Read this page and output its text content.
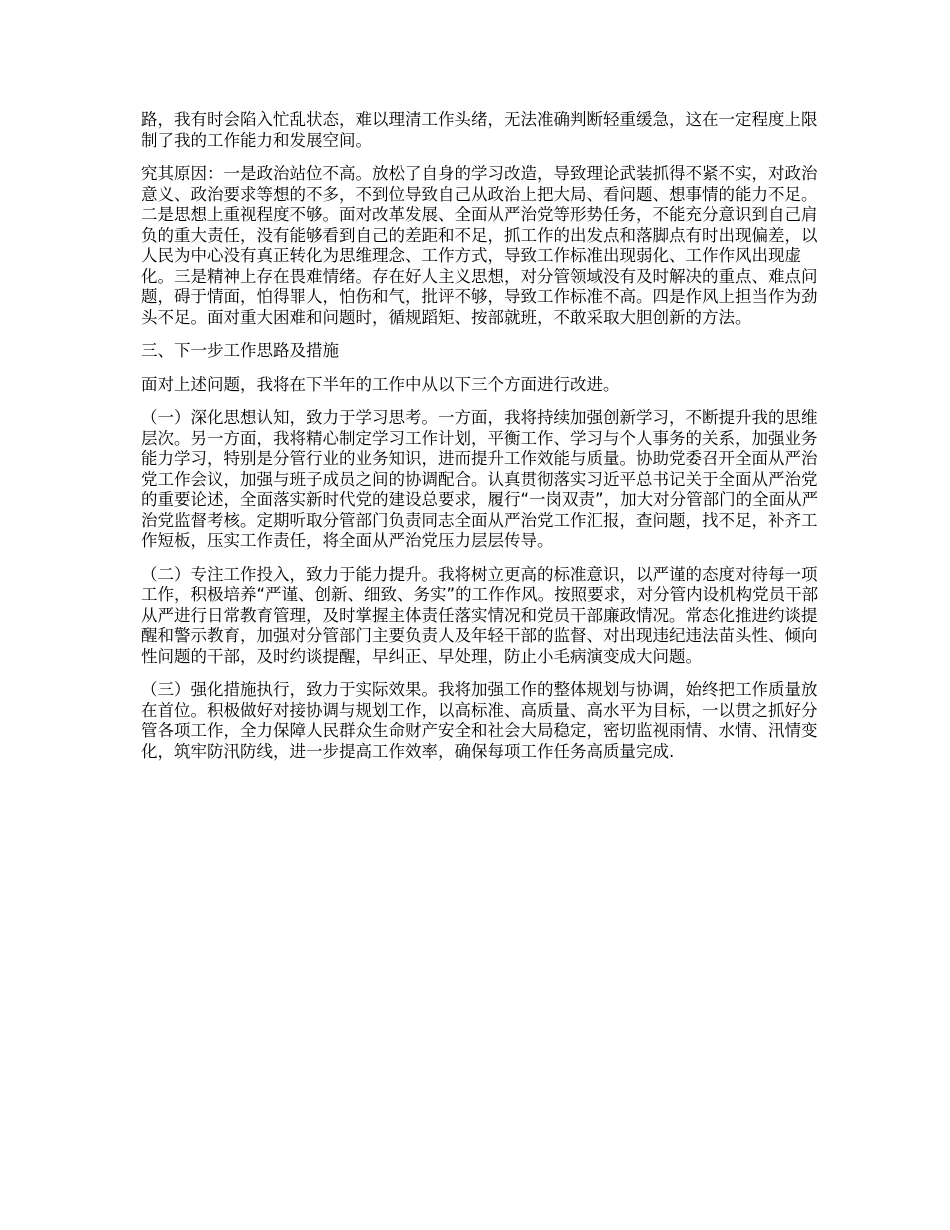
路，我有时会陷入忙乱状态，难以理清工作头绪，无法准确判断轻重缓急，这在一定程度上限制了我的工作能力和发展空间。

究其原因：一是政治站位不高。放松了自身的学习改造，导致理论武装抓得不紧不实，对政治意义、政治要求等想的不多，不到位导致自己从政治上把大局、看问题、想事情的能力不足。二是思想上重视程度不够。面对改革发展、全面从严治党等形势任务，不能充分意识到自己肩负的重大责任，没有能够看到自己的差距和不足，抓工作的出发点和落脚点有时出现偏差，以人民为中心没有真正转化为思维理念、工作方式，导致工作标准出现弱化、工作作风出现虚化。三是精神上存在畏难情绪。存在好人主义思想，对分管领域没有及时解决的重点、难点问题，碍于情面，怕得罪人，怕伤和气，批评不够，导致工作标准不高。四是作风上担当作为劲头不足。面对重大困难和问题时，循规蹈矩、按部就班，不敢采取大胆创新的方法。

三、下一步工作思路及措施

面对上述问题，我将在下半年的工作中从以下三个方面进行改进。

（一）深化思想认知，致力于学习思考。一方面，我将持续加强创新学习，不断提升我的思维层次。另一方面，我将精心制定学习工作计划，平衡工作、学习与个人事务的关系，加强业务能力学习，特别是分管行业的业务知识，进而提升工作效能与质量。协助党委召开全面从严治党工作会议，加强与班子成员之间的协调配合。认真贯彻落实习近平总书记关于全面从严治党的重要论述，全面落实新时代党的建设总要求，履行“一岗双责”，加大对分管部门的全面从严治党监督考核。定期听取分管部门负责同志全面从严治党工作汇报，查问题，找不足，补齐工作短板，压实工作责任，将全面从严治党压力层层传导。

（二）专注工作投入，致力于能力提升。我将树立更高的标准意识，以严谨的态度对待每一项工作，积极培养“严谨、创新、细致、务实”的工作作风。按照要求，对分管内设机构党员干部从严进行日常教育管理，及时掌握主体责任落实情况和党员干部廉政情况。常态化推进约谈提醒和警示教育，加强对分管部门主要负责人及年轻干部的监督、对出现违纪违法苗头性、倾向性问题的干部，及时约谈提醒，早纠正、早处理，防止小毛病演变成大问题。

（三）强化措施执行，致力于实际效果。我将加强工作的整体规划与协调，始终把工作质量放在首位。积极做好对接协调与规划工作，以高标准、高质量、高水平为目标，一以贯之抓好分管各项工作，全力保障人民群众生命财产安全和社会大局稳定，密切监视雨情、水情、汛情变化，筑牢防汛防线，进一步提高工作效率，确保每项工作任务高质量完成.
